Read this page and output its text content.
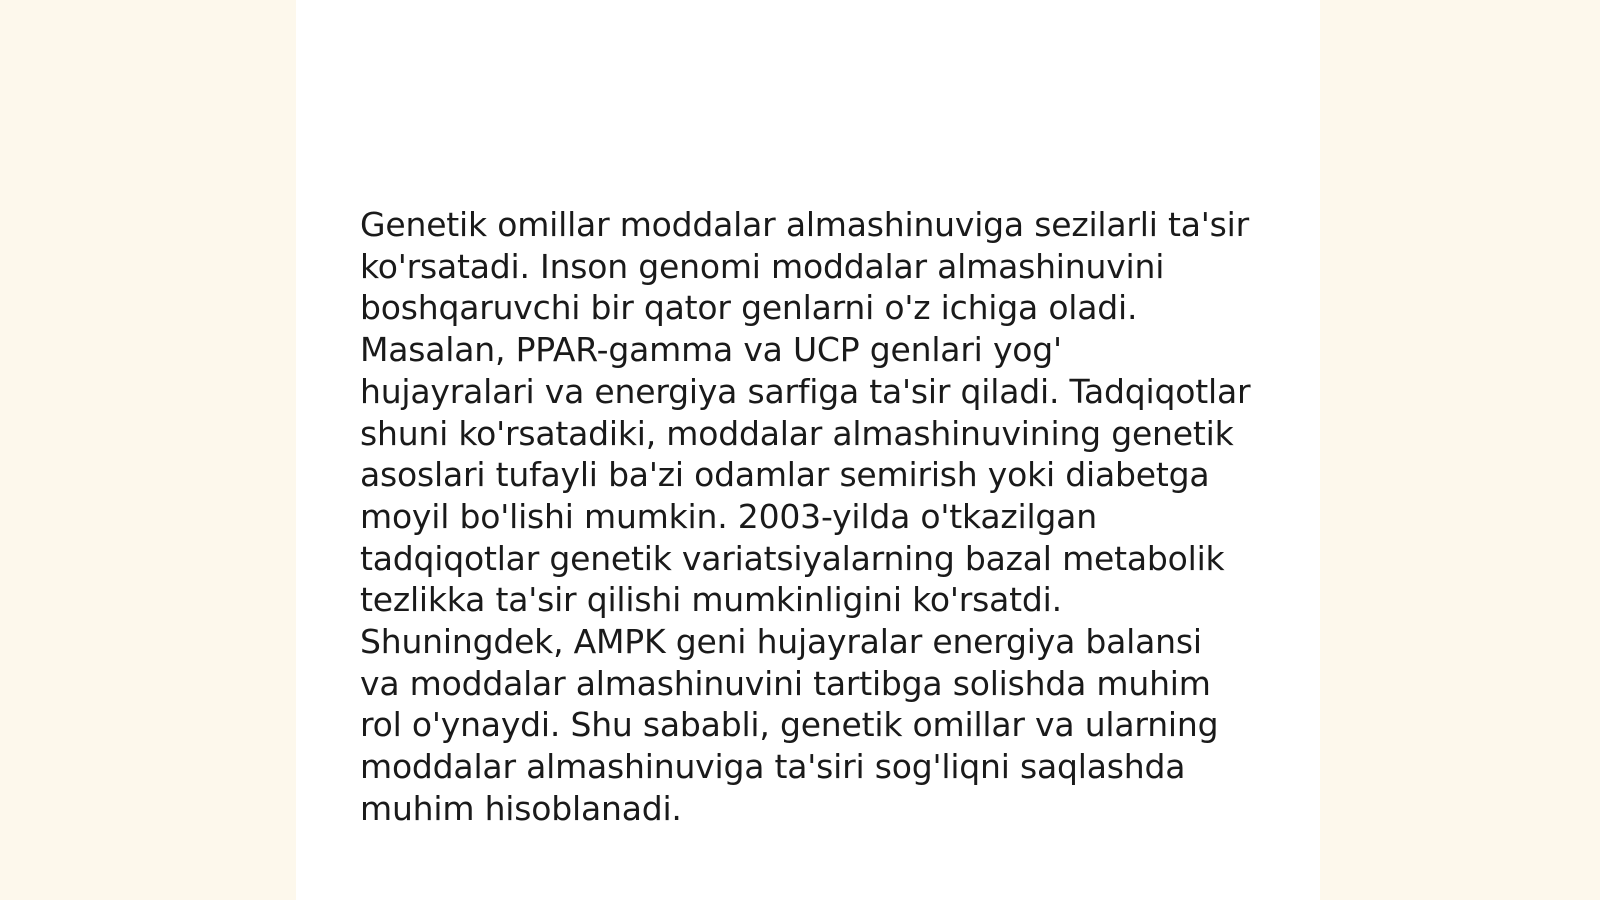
Genetik omillar moddalar almashinuviga sezilarli ta'sir
ko'rsatadi. Inson genomi moddalar almashinuvini
boshqaruvchi bir qator genlarni o'z ichiga oladi.
Masalan, PPAR-gamma va UCP genlari yog'
hujayralari va energiya sarfiga ta'sir qiladi. Tadqiqotlar
shuni ko'rsatadiki, moddalar almashinuvining genetik
asoslari tufayli ba'zi odamlar semirish yoki diabetga
moyil bo'lishi mumkin. 2003-yilda o'tkazilgan
tadqiqotlar genetik variatsiyalarning bazal metabolik
tezlikka ta'sir qilishi mumkinligini ko'rsatdi.
Shuningdek, AMPK geni hujayralar energiya balansi
va moddalar almashinuvini tartibga solishda muhim
rol o'ynaydi. Shu sababli, genetik omillar va ularning
moddalar almashinuviga ta'siri sog'liqni saqlashda
muhim hisoblanadi.
